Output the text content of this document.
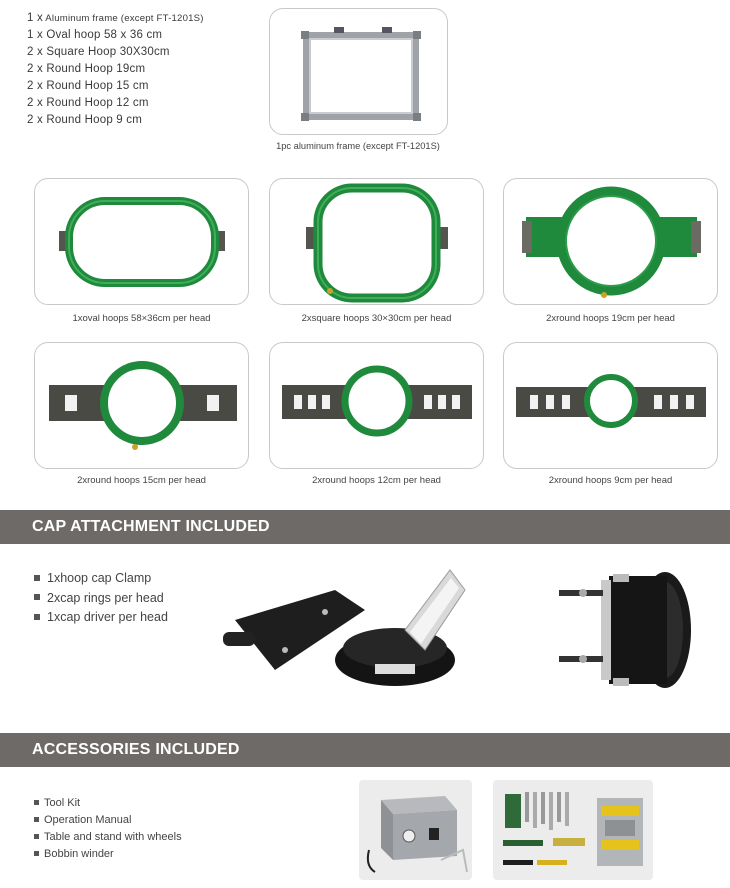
1 x Aluminum frame (except FT-1201S)
1 x Oval hoop 58 x 36 cm
2 x Square Hoop 30X30cm
2 x Round Hoop 19cm
2 x Round Hoop 15 cm
2 x Round Hoop 12 cm
2 x Round Hoop 9 cm
1pc aluminum frame (except FT-1201S)
1xoval hoops 58×36cm per head	2xsquare hoops 30×30cm per head	2xround hoops 19cm per head
2xround hoops 15cm per head	2xround hoops 12cm per head	2xround hoops 9cm per head
CAP ATTACHMENT INCLUDED
1xhoop cap Clamp
2xcap rings per head
1xcap driver per head
ACCESSORIES INCLUDED
Tool Kit
Operation Manual
Table and stand with wheels
Bobbin winder
